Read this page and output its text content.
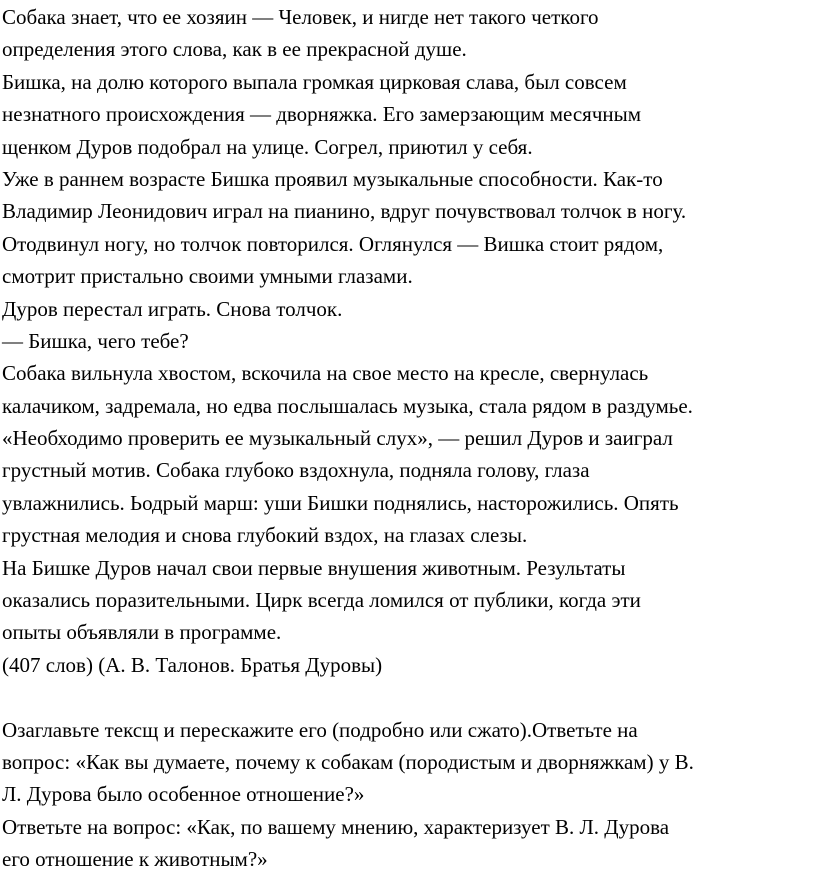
Собака знает, что ее хозяин — Человек, и нигде нет такого четкого
определения этого слова, как в ее прекрасной душе.
Бишка, на долю которого выпала громкая цирковая слава, был совсем
незнатного происхождения — дворняжка. Его замерзающим месячным
щенком Дуров подобрал на улице. Согрел, приютил у себя.
Уже в раннем возрасте Бишка проявил музыкальные способности. Как-то
Владимир Леонидович играл на пианино, вдруг почувствовал толчок в ногу.
Отодвинул ногу, но толчок повторился. Оглянулся — Вишка стоит рядом,
смотрит пристально своими умными глазами.
Дуров перестал играть. Снова толчок.
— Бишка, чего тебе?
Собака вильнула хвостом, вскочила на свое место на кресле, свернулась
калачиком, задремала, но едва послышалась музыка, стала рядом в раздумье.
«Необходимо проверить ее музыкальный слух», — решил Дуров и заиграл
грустный мотив. Собака глубоко вздохнула, подняла голову, глаза
увлажнились. Ьодрый марш: уши Бишки поднялись, насторожились. Опять
грустная мелодия и снова глубокий вздох, на глазах слезы.
На Бишке Дуров начал свои первые внушения животным. Результаты
оказались поразительными. Цирк всегда ломился от публики, когда эти
опыты объявляли в программе.
(407 слов) (А. В. Талонов. Братья Дуровы)
Озаглавьте тексщ и перескажите его (подробно или сжато).Ответьте на
вопрос: «Как вы думаете, почему к собакам (породистым и дворняжкам) у В.
Л. Дурова было особенное отношение?»
Ответьте на вопрос: «Как, по вашему мнению, характеризует В. Л. Дурова
его отношение к животным?»
